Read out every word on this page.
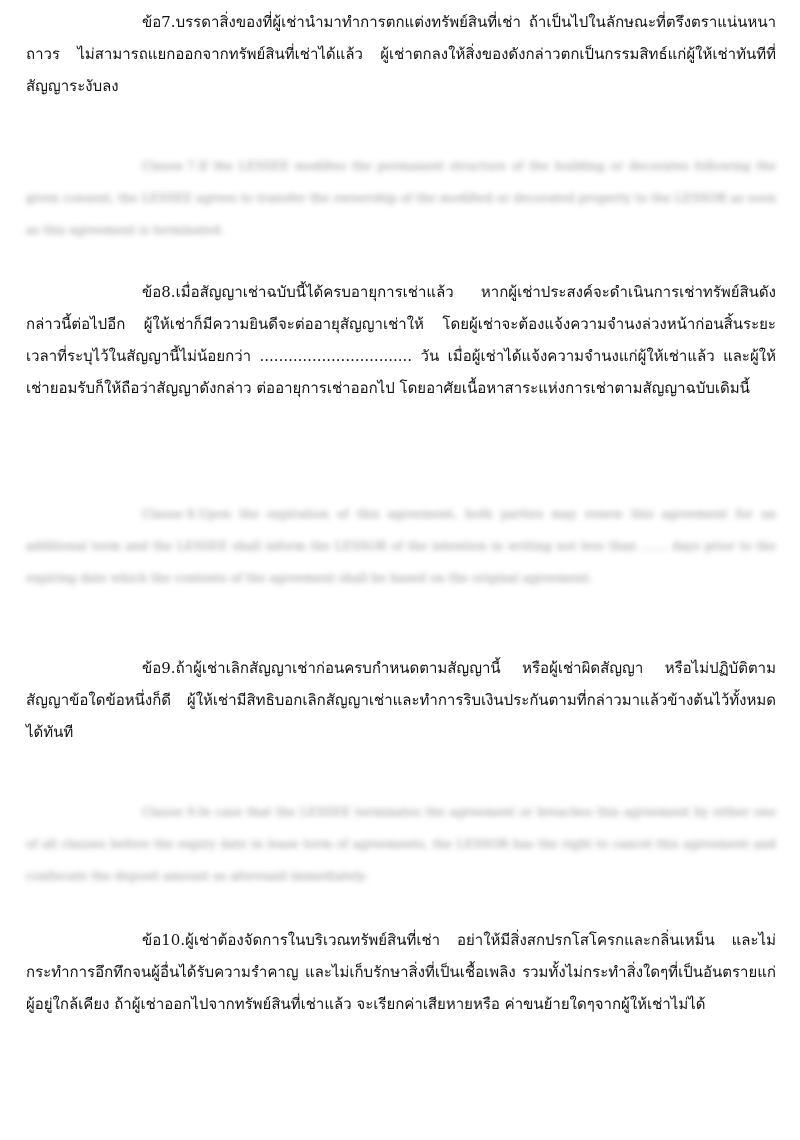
ข้อ7.บรรดาสิ่งของที่ผู้เช่านำมาทำการตกแต่งทรัพย์สินที่เช่า ถ้าเป็นไปในลักษณะที่ตรึงตราแน่นหนาถาวร ไม่สามารถแยกออกจากทรัพย์สินที่เช่าได้แล้ว ผู้เช่าตกลงให้สิ่งของดังกล่าวตกเป็นกรรมสิทธ์แก่ผู้ให้เช่าทันทีที่สัญญาระงับลง

Clause 7.If the LESSEE modifies the permanent structure of the building or decorates following the given consent, the LESSEE agrees to transfer the ownership of the modified or decorated property to the LESSOR as soon as this agreement is terminated.

ข้อ8.เมื่อสัญญาเช่าฉบับนี้ได้ครบอายุการเช่าแล้ว หากผู้เช่าประสงค์จะดำเนินการเช่าทรัพย์สินดังกล่าวนี้ต่อไปอีก ผู้ให้เช่าก็มีความยินดีจะต่ออายุสัญญาเช่าให้ โดยผู้เช่าจะต้องแจ้งความจำนงล่วงหน้าก่อนสิ้นระยะเวลาที่ระบุไว้ในสัญญานี้ไม่น้อยกว่า ................................ วัน เมื่อผู้เช่าได้แจ้งความจำนงแก่ผู้ให้เช่าแล้ว และผู้ให้เช่ายอมรับก็ให้ถือว่าสัญญาดังกล่าว ต่ออายุการเช่าออกไป โดยอาศัยเนื้อหาสาระแห่งการเช่าตามสัญญาฉบับเดิมนี้

Clause 8.Upon the expiration of this agreement, both parties may renew this agreement for an additional term and the LESSEE shall inform the LESSOR of the intention in writing not less than ....... days prior to the expiring date which the contents of the agreement shall be based on the original agreement.

ข้อ9.ถ้าผู้เช่าเลิกสัญญาเช่าก่อนครบกำหนดตามสัญญานี้ หรือผู้เช่าผิดสัญญา หรือไม่ปฏิบัติตามสัญญาข้อใดข้อหนึ่งก็ดี ผู้ให้เช่ามีสิทธิบอกเลิกสัญญาเช่าและทำการริบเงินประกันตามที่กล่าวมาแล้วข้างต้นไว้ทั้งหมด ได้ทันที

Clause 9.In case that the LESSEE terminates the agreement or breaches this agreement by either one of all clauses before the expiry date in lease term of agreements, the LESSOR has the right to cancel this agreement and confiscate the deposit amount as aforesaid immediately.

ข้อ10.ผู้เช่าต้องจัดการในบริเวณทรัพย์สินที่เช่า อย่าให้มีสิ่งสกปรกโสโครกและกลิ่นเหม็น และไม่กระทำการอึกทึกจนผู้อื่นได้รับความรำคาญ และไม่เก็บรักษาสิ่งที่เป็นเชื้อเพลิง รวมทั้งไม่กระทำสิ่งใดๆที่เป็นอันตรายแก่ผู้อยู่ใกล้เคียง ถ้าผู้เช่าออกไปจากทรัพย์สินที่เช่าแล้ว จะเรียกค่าเสียหายหรือ ค่าขนย้ายใดๆจากผู้ให้เช่าไม่ได้
